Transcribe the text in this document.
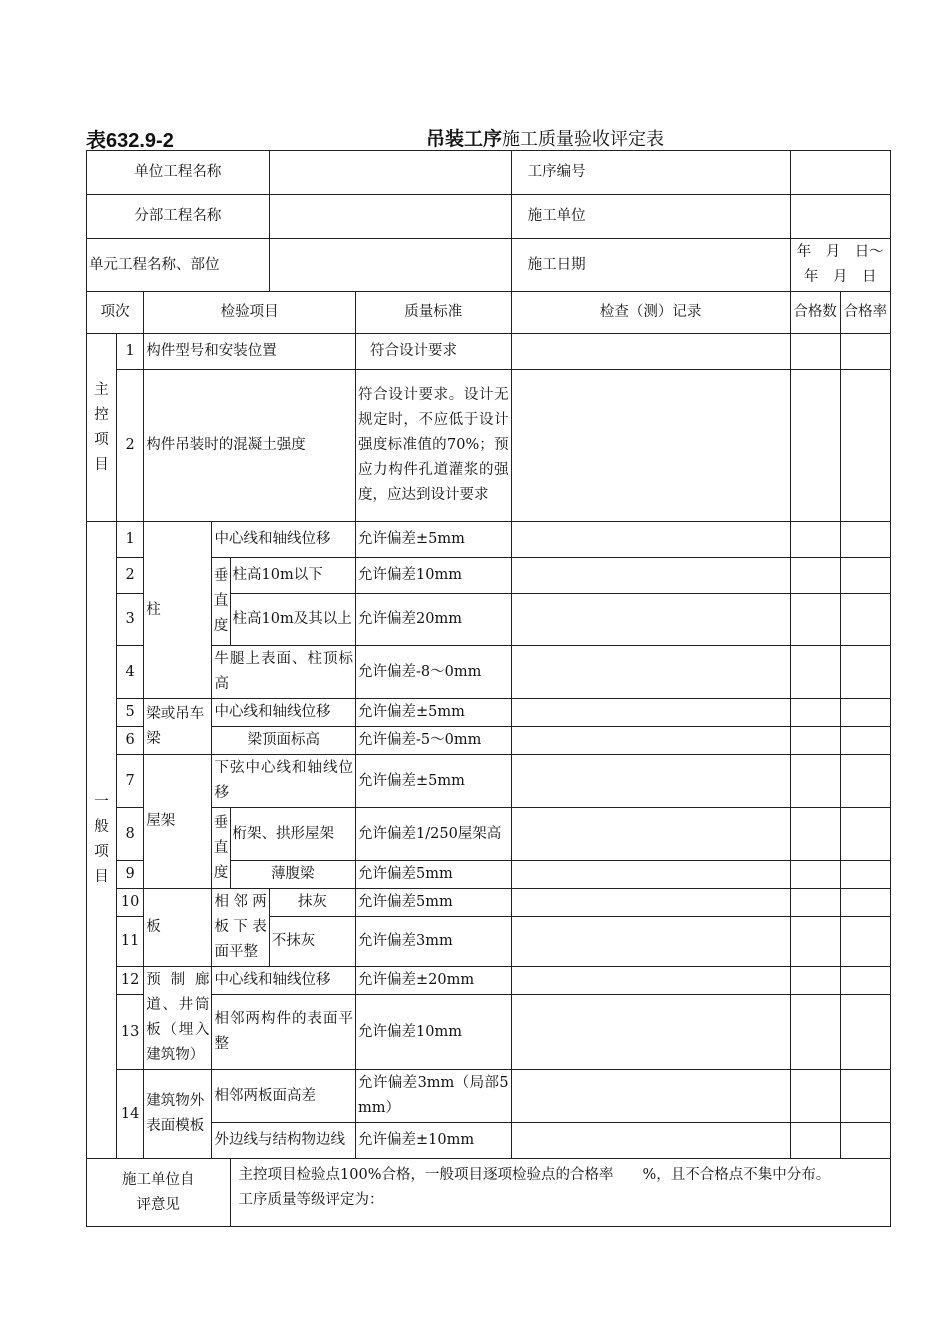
表632.9-2	吊装工序施工质量验收评定表
单位工程名称							工序编号		
分部工程名称							施工单位		
单元工程名称、部位							施工日期	年　月　日～　　年　月　日	
项次		检验项目				质量标准	检查（测）记录	合格数	合格率
主控项目	1	构件型号和安装位置				符合设计要求			
	2	构件吊装时的混凝土强度				符合设计要求。设计无规定时，不应低于设计强度标准值的70%；预应力构件孔道灌浆的强度，应达到设计要求			
一般项目	1	柱	中心线和轴线位移			允许偏差±5mm			
	2		垂直度	柱高10m以下		允许偏差10mm			
	3			柱高10m及其以上		允许偏差20mm			
	4		牛腿上表面、柱顶标高			允许偏差-8～0mm			
	5	梁或吊车梁	中心线和轴线位移			允许偏差±5mm			
	6		梁顶面标高			允许偏差-5～0mm			
	7	屋架	下弦中心线和轴线位移			允许偏差±5mm			
	8		垂直度	桁架、拱形屋架		允许偏差1/250屋架高			
	9			薄腹梁		允许偏差5mm			
	10	板	相邻两板下表面平整		抹灰	允许偏差5mm			
	11				不抹灰	允许偏差3mm			
	12	预制廊道、井筒板（埋入建筑物）	中心线和轴线位移			允许偏差±20mm			
	13		相邻两构件的表面平整			允许偏差10mm			
	14	建筑物外表面模板	相邻两板面高差			允许偏差3mm（局部5mm）			
			外边线与结构物边线			允许偏差±10mm			
施工单位自评意见				主控项目检验点100%合格，一般项目逐项检验点的合格率　　%，且不合格点不集中分布。
工序质量等级评定为：					
